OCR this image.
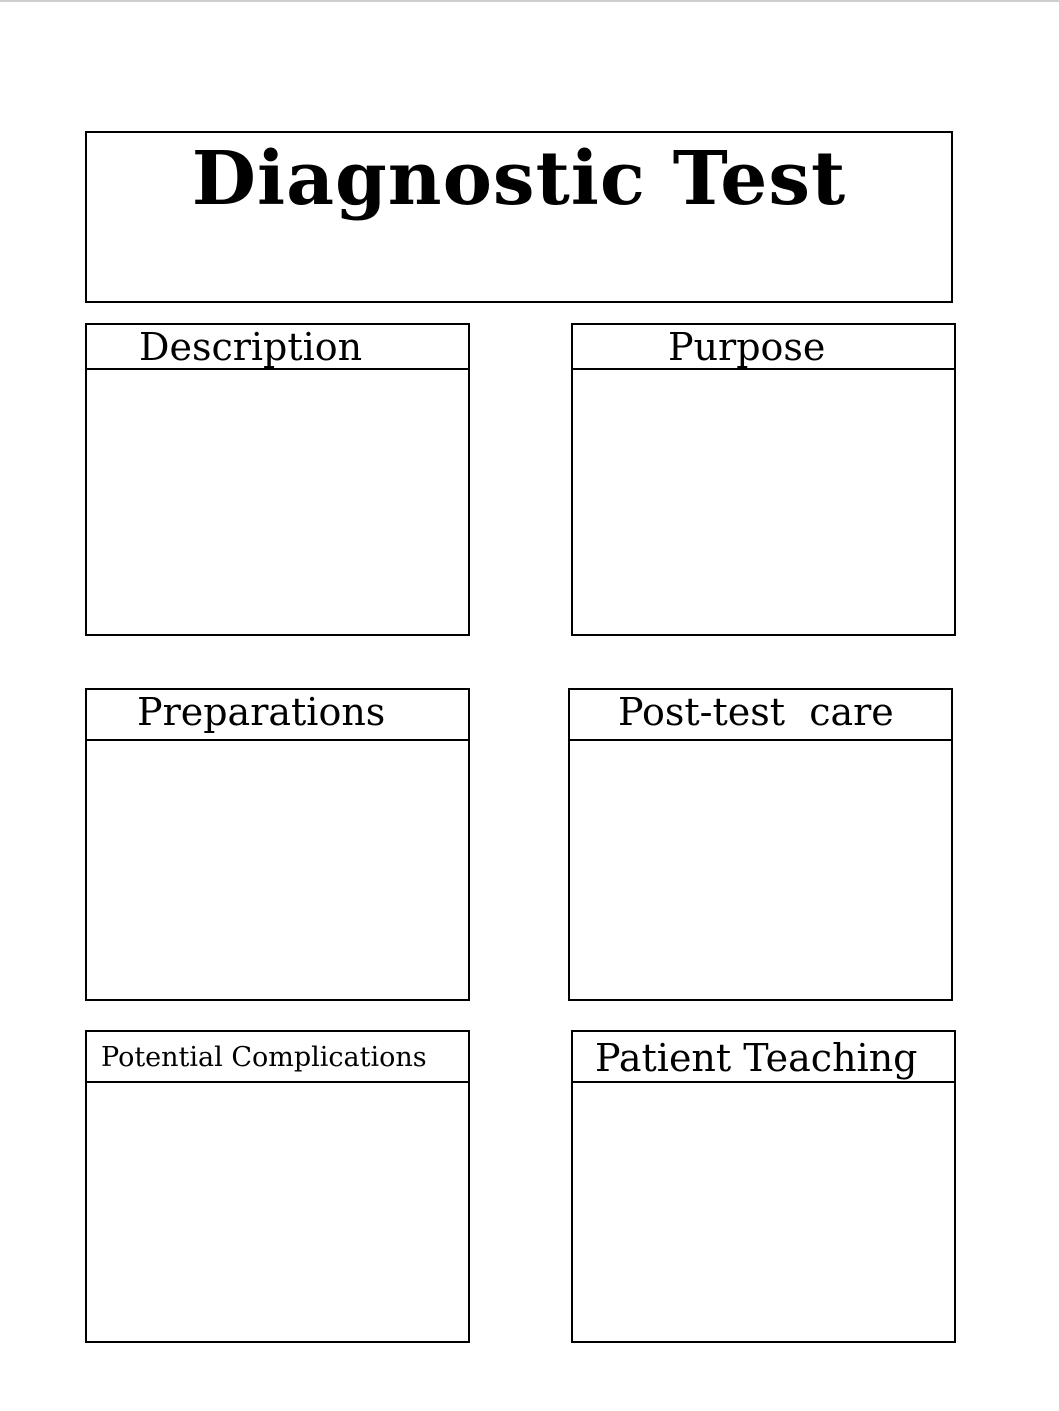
Diagnostic Test
Description	Purpose
Preparations	Post-test  care
Potential Complications	Patient Teaching
